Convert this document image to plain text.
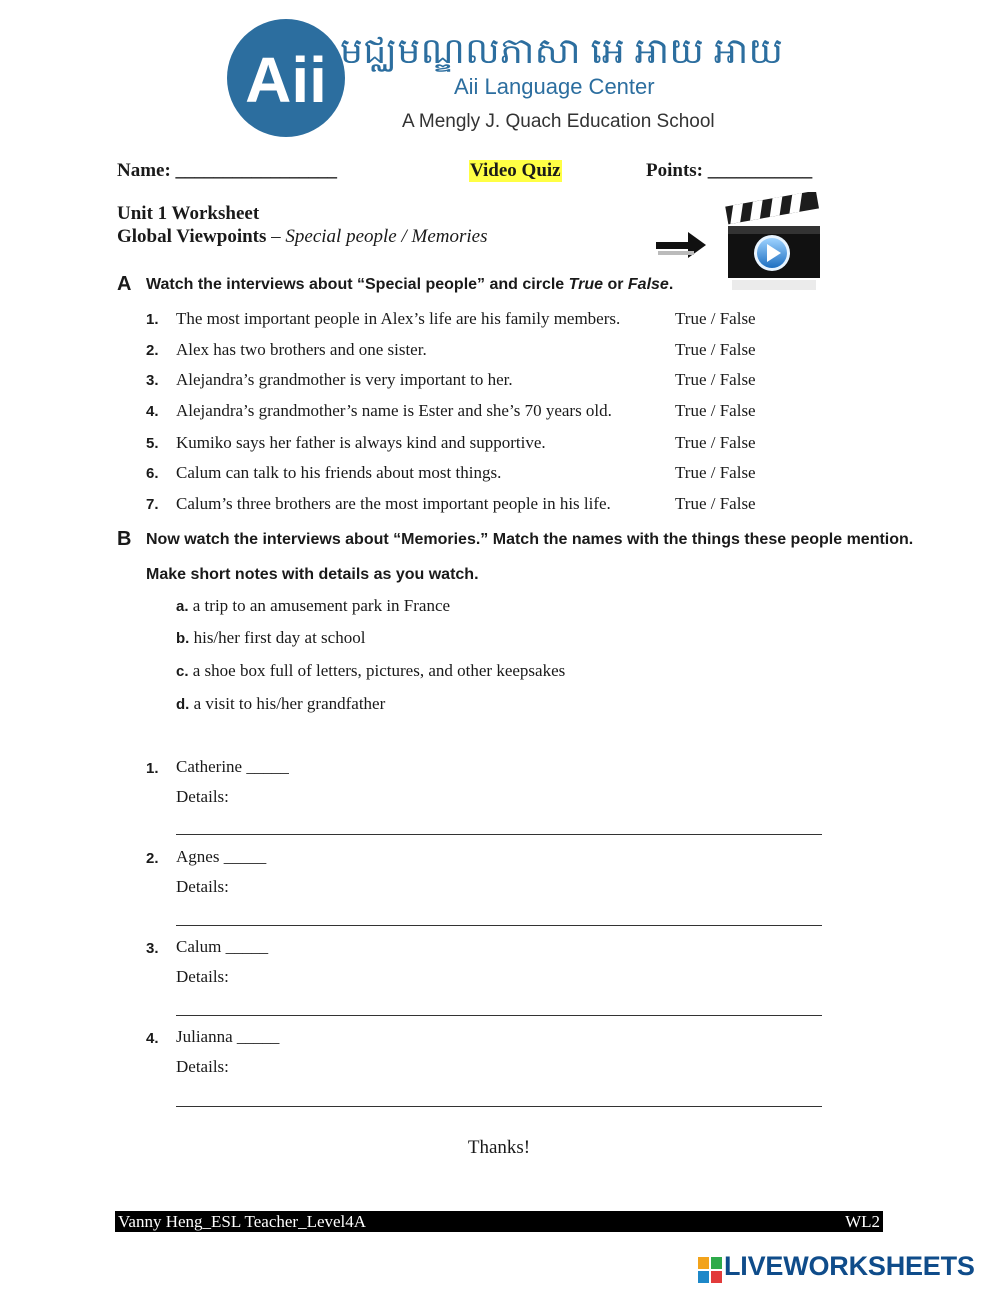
Aii មជ្ឈមណ្ឌលភាសា អេ អាយ អាយ
Aii Language Center
A Mengly J. Quach Education School
Name: _________________	Video Quiz	Points: ___________
Unit 1 Worksheet
Global Viewpoints – Special people / Memories
A Watch the interviews about “Special people” and circle True or False.
1.	The most important people in Alex’s life are his family members.	True / False
2.	Alex has two brothers and one sister.	True / False
3.	Alejandra’s grandmother is very important to her.	True / False
4.	Alejandra’s grandmother’s name is Ester and she’s 70 years old.	True / False
5.	Kumiko says her father is always kind and supportive.	True / False
6.	Calum can talk to his friends about most things.	True / False
7.	Calum’s three brothers are the most important people in his life.	True / False
B Now watch the interviews about “Memories.” Match the names with the things these people mention.
Make short notes with details as you watch.
a. a trip to an amusement park in France
b. his/her first day at school
c. a shoe box full of letters, pictures, and other keepsakes
d. a visit to his/her grandfather
1. Catherine _____
Details:
2. Agnes _____
Details:
3. Calum _____
Details:
4. Julianna _____
Details:
Thanks!
Vanny Heng_ESL Teacher_Level4A	WL2
LIVEWORKSHEETS
